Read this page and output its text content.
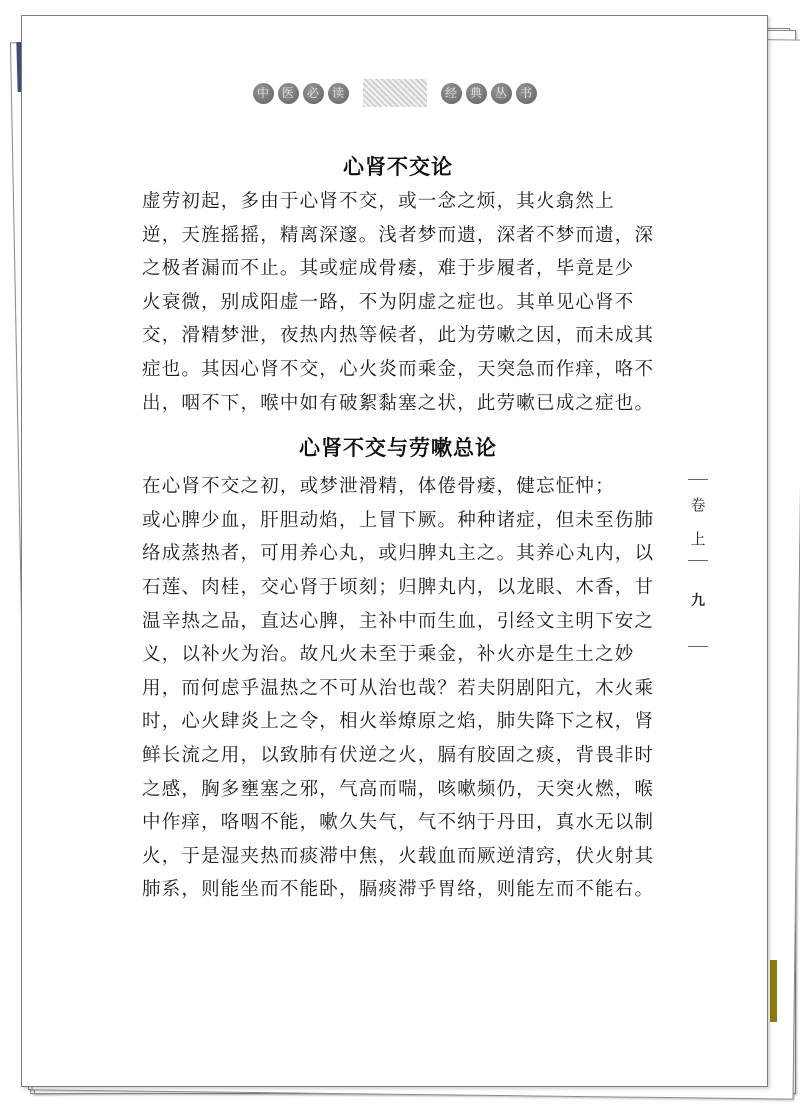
中	医	必	读	经	典	丛	书
心肾不交论

虚劳初起，多由于心肾不交，或一念之烦，其火翕然上
逆，天旌摇摇，精离深邃。浅者梦而遗，深者不梦而遗，深
之极者漏而不止。其或症成骨痿，难于步履者，毕竟是少
火衰微，别成阳虚一路，不为阴虚之症也。其单见心肾不
交，滑精梦泄，夜热内热等候者，此为劳嗽之因，而未成其
症也。其因心肾不交，心火炎而乘金，天突急而作痒，咯不
出，咽不下，喉中如有破絮黏塞之状，此劳嗽已成之症也。

心肾不交与劳嗽总论

在心肾不交之初，或梦泄滑精，体倦骨痿，健忘怔忡；
或心脾少血，肝胆动焰，上冒下厥。种种诸症，但未至伤肺
络成蒸热者，可用养心丸，或归脾丸主之。其养心丸内，以
石莲、肉桂，交心肾于顷刻；归脾丸内，以龙眼、木香，甘
温辛热之品，直达心脾，主补中而生血，引经文主明下安之
义，以补火为治。故凡火未至于乘金，补火亦是生土之妙
用，而何虑乎温热之不可从治也哉？若夫阴剧阳亢，木火乘
时，心火肆炎上之令，相火举燎原之焰，肺失降下之权，肾
鲜长流之用，以致肺有伏逆之火，膈有胶固之痰，背畏非时
之感，胸多壅塞之邪，气高而喘，咳嗽频仍，天突火燃，喉
中作痒，咯咽不能，嗽久失气，气不纳于丹田，真水无以制
火，于是湿夹热而痰滞中焦，火载血而厥逆清窍，伏火射其
肺系，则能坐而不能卧，膈痰滞乎胃络，则能左而不能右。

卷
上
九
